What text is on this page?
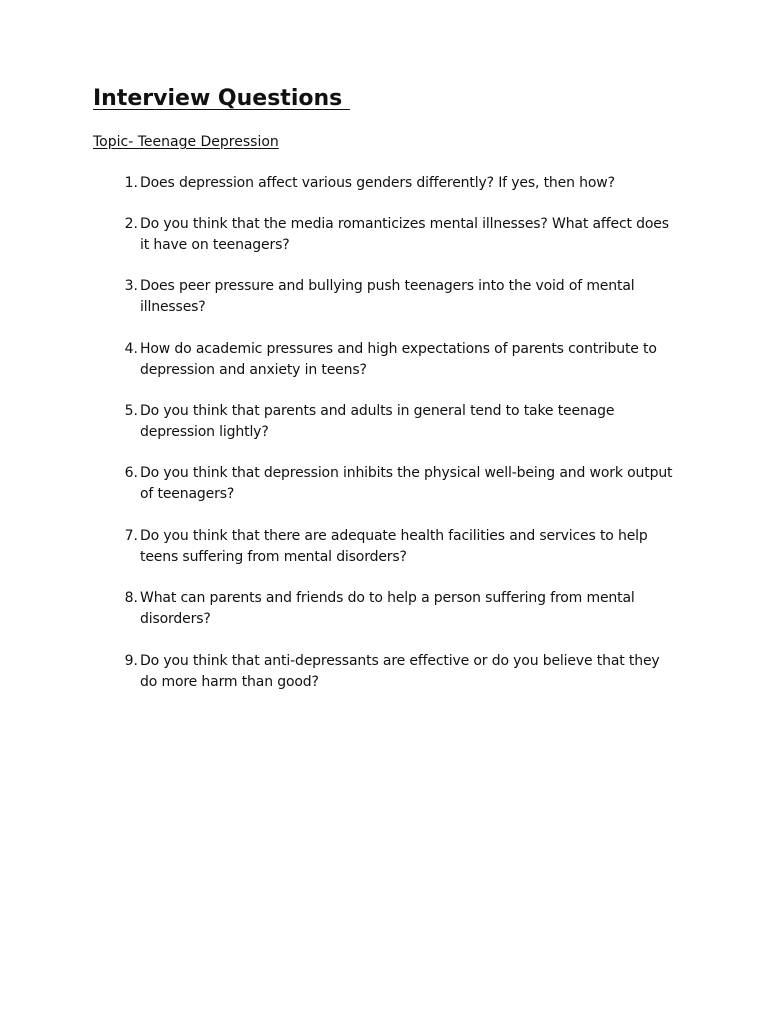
Interview Questions

Topic- Teenage Depression

1. Does depression affect various genders differently? If yes, then how?
2. Do you think that the media romanticizes mental illnesses? What affect does it have on teenagers?
3. Does peer pressure and bullying push teenagers into the void of mental illnesses?
4. How do academic pressures and high expectations of parents contribute to depression and anxiety in teens?
5. Do you think that parents and adults in general tend to take teenage depression lightly?
6. Do you think that depression inhibits the physical well-being and work output of teenagers?
7. Do you think that there are adequate health facilities and services to help teens suffering from mental disorders?
8. What can parents and friends do to help a person suffering from mental disorders?
9. Do you think that anti-depressants are effective or do you believe that they do more harm than good?
